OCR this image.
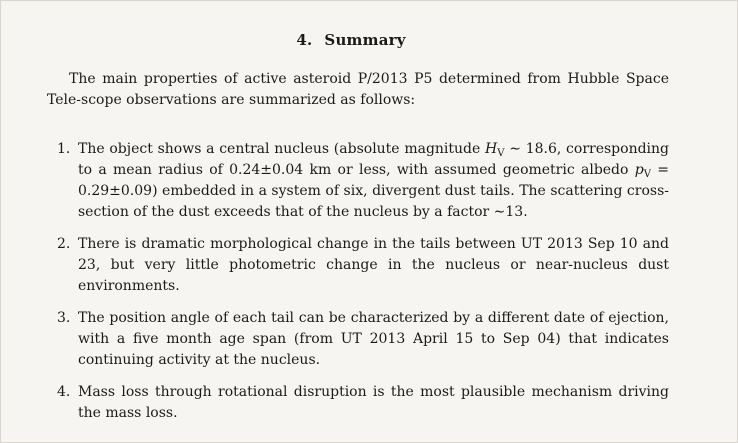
4. Summary

The main properties of active asteroid P/2013 P5 determined from Hubble Space Tele-scope observations are summarized as follows:

1. The object shows a central nucleus (absolute magnitude $H_V$ ∼ 18.6, corresponding to a mean radius of 0.24±0.04 km or less, with assumed geometric albedo $p_V = 0.29\pm 0.09$) embedded in a system of six, divergent dust tails. The scattering cross-section of the dust exceeds that of the nucleus by a factor ∼13.
2. There is dramatic morphological change in the tails between UT 2013 Sep 10 and 23, but very little photometric change in the nucleus or near-nucleus dust environments.
3. The position angle of each tail can be characterized by a different date of ejection, with a five month age span (from UT 2013 April 15 to Sep 04) that indicates continuing activity at the nucleus.
4. Mass loss through rotational disruption is the most plausible mechanism driving the mass loss.
